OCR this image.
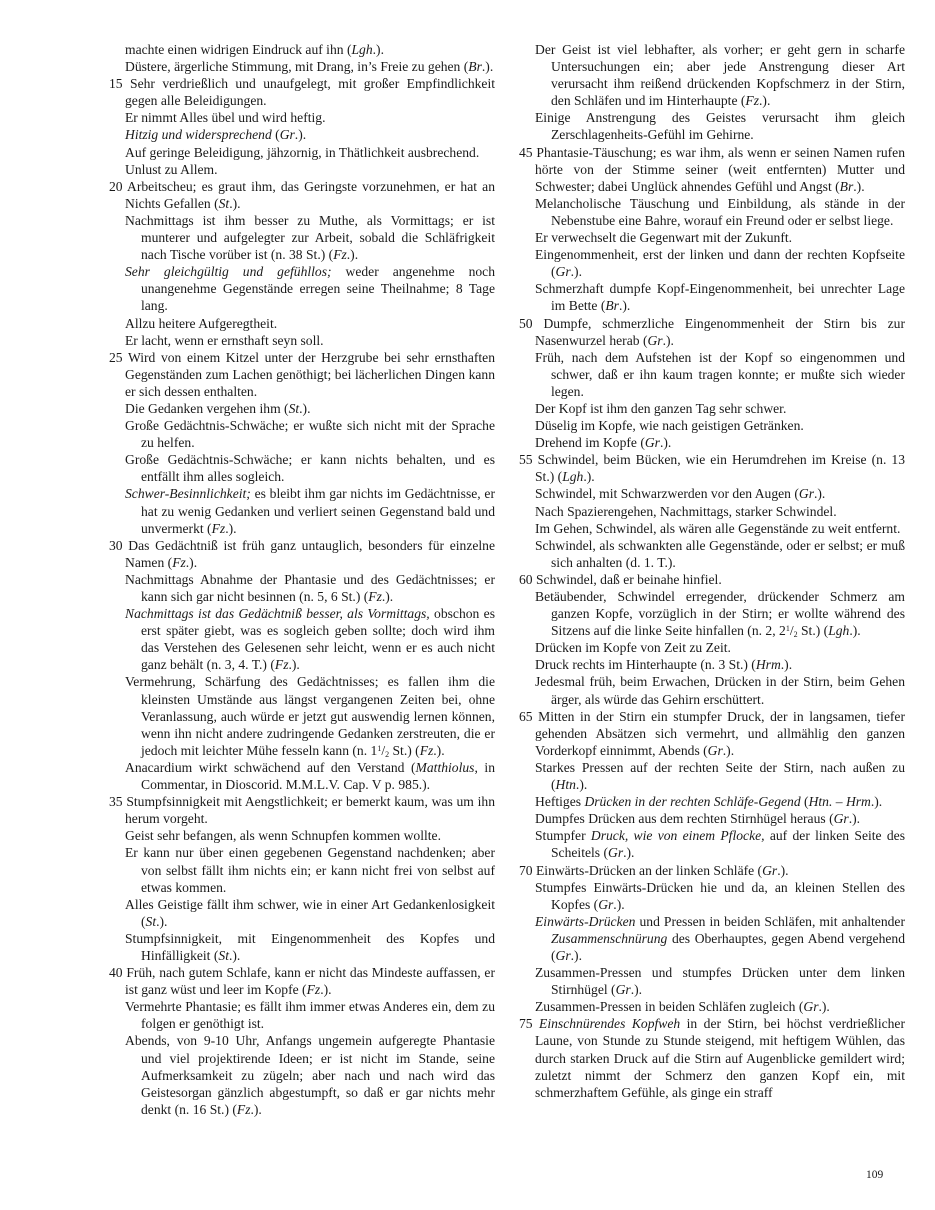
machte einen widrigen Eindruck auf ihn (Lgh.).
Düstere, ärgerliche Stimmung, mit Drang, in’s Freie zu gehen (Br.).
15 Sehr verdrießlich und unaufgelegt, mit großer Empfindlichkeit gegen alle Beleidigungen.
Er nimmt Alles übel und wird heftig.
Hitzig und widersprechend (Gr.).
Auf geringe Beleidigung, jähzornig, in Thätlichkeit ausbrechend.
Unlust zu Allem.
20 Arbeitscheu; es graut ihm, das Geringste vorzunehmen, er hat an Nichts Gefallen (St.).
Nachmittags ist ihm besser zu Muthe, als Vormittags; er ist munterer und aufgelegter zur Arbeit, sobald die Schläfrigkeit nach Tische vorüber ist (n. 38 St.) (Fz.).
Sehr gleichgültig und gefühllos; weder angenehme noch unangenehme Gegenstände erregen seine Theilnahme; 8 Tage lang.
Allzu heitere Aufgeregtheit.
Er lacht, wenn er ernsthaft seyn soll.
25 Wird von einem Kitzel unter der Herzgrube bei sehr ernsthaften Gegenständen zum Lachen genöthigt; bei lächerlichen Dingen kann er sich dessen enthalten.
Die Gedanken vergehen ihm (St.).
Große Gedächtnis-Schwäche; er wußte sich nicht mit der Sprache zu helfen.
Große Gedächtnis-Schwäche; er kann nichts behalten, und es entfällt ihm alles sogleich.
Schwer-Besinnlichkeit; es bleibt ihm gar nichts im Gedächtnisse, er hat zu wenig Gedanken und verliert seinen Gegenstand bald und unvermerkt (Fz.).
30 Das Gedächtniß ist früh ganz untauglich, besonders für einzelne Namen (Fz.).
Nachmittags Abnahme der Phantasie und des Gedächtnisses; er kann sich gar nicht besinnen (n. 5, 6 St.) (Fz.).
Nachmittags ist das Gedächtniß besser, als Vormittags, obschon es erst später giebt, was es sogleich geben sollte; doch wird ihm das Verstehen des Gelesenen sehr leicht, wenn er es auch nicht ganz behält (n. 3, 4. T.) (Fz.).
Vermehrung, Schärfung des Gedächtnisses; es fallen ihm die kleinsten Umstände aus längst vergangenen Zeiten bei, ohne Veranlassung, auch würde er jetzt gut auswendig lernen können, wenn ihn nicht andere zudringende Gedanken zerstreuten, die er jedoch mit leichter Mühe fesseln kann (n. $1^1/_2$ St.) (Fz.).
Anacardium wirkt schwächend auf den Verstand (Matthiolus, in Commentar, in Dioscorid. M.M.L.V. Cap. V p. 985.).
35 Stumpfsinnigkeit mit Aengstlichkeit; er bemerkt kaum, was um ihn herum vorgeht.
Geist sehr befangen, als wenn Schnupfen kommen wollte.
Er kann nur über einen gegebenen Gegenstand nachdenken; aber von selbst fällt ihm nichts ein; er kann nicht frei von selbst auf etwas kommen.
Alles Geistige fällt ihm schwer, wie in einer Art Gedankenlosigkeit (St.).
Stumpfsinnigkeit, mit Eingenommenheit des Kopfes und Hinfälligkeit (St.).
40 Früh, nach gutem Schlafe, kann er nicht das Mindeste auffassen, er ist ganz wüst und leer im Kopfe (Fz.).
Vermehrte Phantasie; es fällt ihm immer etwas Anderes ein, dem zu folgen er genöthigt ist.
Abends, von 9-10 Uhr, Anfangs ungemein aufgeregte Phantasie und viel projektirende Ideen; er ist nicht im Stande, seine Aufmerksamkeit zu zügeln; aber nach und nach wird das Geistesorgan gänzlich abgestumpft, so daß er gar nichts mehr denkt (n. 16 St.) (Fz.).
Der Geist ist viel lebhafter, als vorher; er geht gern in scharfe Untersuchungen ein; aber jede Anstrengung dieser Art verursacht ihm reißend drückenden Kopfschmerz in der Stirn, den Schläfen und im Hinterhaupte (Fz.).
Einige Anstrengung des Geistes verursacht ihm gleich Zerschlagenheits-Gefühl im Gehirne.
45 Phantasie-Täuschung; es war ihm, als wenn er seinen Namen rufen hörte von der Stimme seiner (weit entfernten) Mutter und Schwester; dabei Unglück ahnendes Gefühl und Angst (Br.).
Melancholische Täuschung und Einbildung, als stände in der Nebenstube eine Bahre, worauf ein Freund oder er selbst liege.
Er verwechselt die Gegenwart mit der Zukunft.
Eingenommenheit, erst der linken und dann der rechten Kopfseite (Gr.).
Schmerzhaft dumpfe Kopf-Eingenommenheit, bei unrechter Lage im Bette (Br.).
50 Dumpfe, schmerzliche Eingenommenheit der Stirn bis zur Nasenwurzel herab (Gr.).
Früh, nach dem Aufstehen ist der Kopf so eingenommen und schwer, daß er ihn kaum tragen konnte; er mußte sich wieder legen.
Der Kopf ist ihm den ganzen Tag sehr schwer.
Düselig im Kopfe, wie nach geistigen Getränken.
Drehend im Kopfe (Gr.).
55 Schwindel, beim Bücken, wie ein Herumdrehen im Kreise (n. 13 St.) (Lgh.).
Schwindel, mit Schwarzwerden vor den Augen (Gr.).
Nach Spazierengehen, Nachmittags, starker Schwindel.
Im Gehen, Schwindel, als wären alle Gegenstände zu weit entfernt.
Schwindel, als schwankten alle Gegenstände, oder er selbst; er muß sich anhalten (d. 1. T.).
60 Schwindel, daß er beinahe hinfiel.
Betäubender, Schwindel erregender, drückender Schmerz am ganzen Kopfe, vorzüglich in der Stirn; er wollte während des Sitzens auf die linke Seite hinfallen (n. 2, $2^1/_2$ St.) (Lgh.).
Drücken im Kopfe von Zeit zu Zeit.
Druck rechts im Hinterhaupte (n. 3 St.) (Hrm.).
Jedesmal früh, beim Erwachen, Drücken in der Stirn, beim Gehen ärger, als würde das Gehirn erschüttert.
65 Mitten in der Stirn ein stumpfer Druck, der in langsamen, tiefer gehenden Absätzen sich vermehrt, und allmählig den ganzen Vorderkopf einnimmt, Abends (Gr.).
Starkes Pressen auf der rechten Seite der Stirn, nach außen zu (Htn.).
Heftiges Drücken in der rechten Schläfe-Gegend (Htn. – Hrm.).
Dumpfes Drücken aus dem rechten Stirnhügel heraus (Gr.).
Stumpfer Druck, wie von einem Pflocke, auf der linken Seite des Scheitels (Gr.).
70 Einwärts-Drücken an der linken Schläfe (Gr.).
Stumpfes Einwärts-Drücken hie und da, an kleinen Stellen des Kopfes (Gr.).
Einwärts-Drücken und Pressen in beiden Schläfen, mit anhaltender Zusammenschnürung des Oberhauptes, gegen Abend vergehend (Gr.).
Zusammen-Pressen und stumpfes Drücken unter dem linken Stirnhügel (Gr.).
Zusammen-Pressen in beiden Schläfen zugleich (Gr.).
75 Einschnürendes Kopfweh in der Stirn, bei höchst verdrießlicher Laune, von Stunde zu Stunde steigend, mit heftigem Wühlen, das durch starken Druck auf die Stirn auf Augenblicke gemildert wird; zuletzt nimmt der Schmerz den ganzen Kopf ein, mit schmerzhaftem Gefühle, als ginge ein straff
109
